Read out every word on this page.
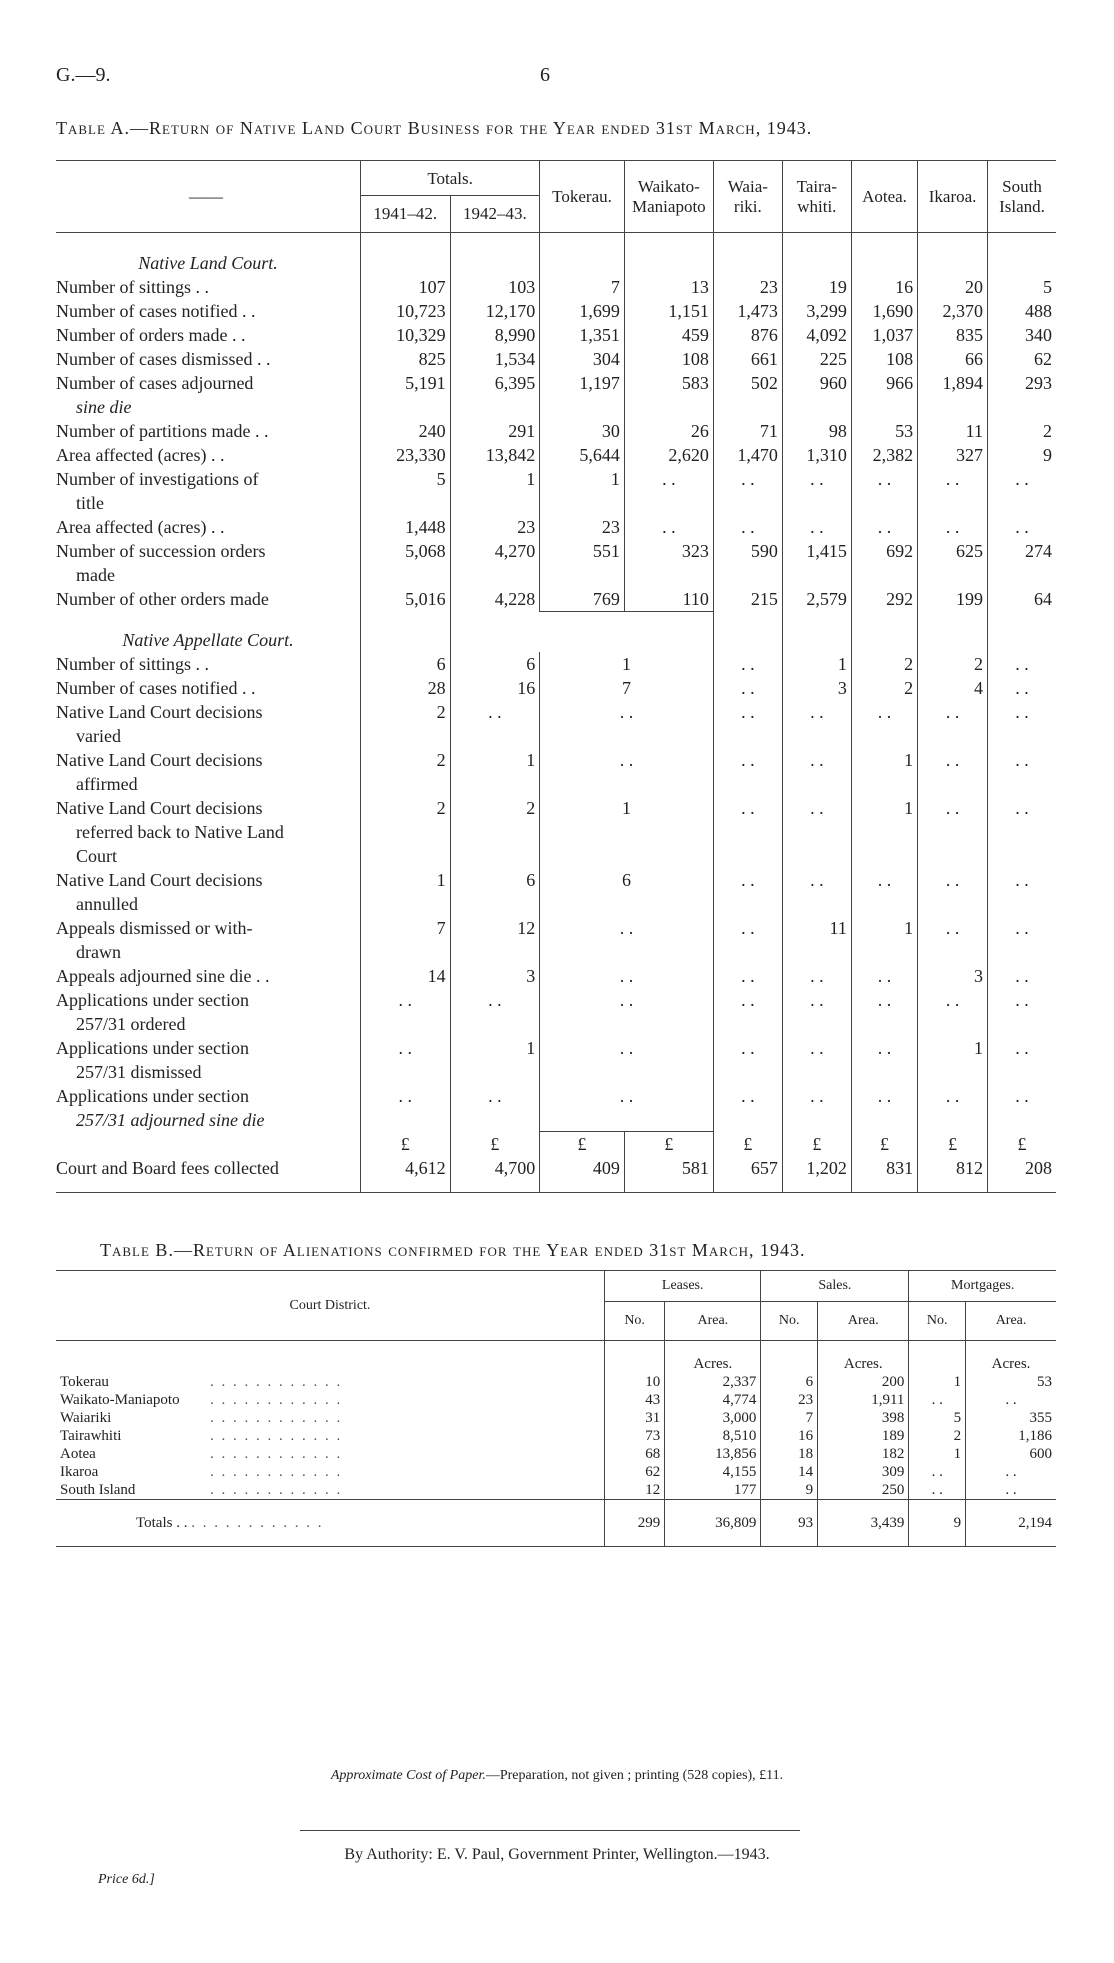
G.—9.	6
Table A.—Return of Native Land Court Business for the Year ended 31st March, 1943.
——	Totals.		Tokerau.	Waikato-Maniapoto	Waia-riki.	Taira-whiti.	Aotea.	Ikaroa.	South Island.
	1941–42.	1942–43.							
Native Land Court.									

Number of sittings . .	107	103	7	13	23	19	16	20	5

Number of cases notified . .	10,723	12,170	1,699	1,151	1,473	3,299	1,690	2,370	488

Number of orders made . .	10,329	8,990	1,351	459	876	4,092	1,037	835	340

Number of cases dismissed . .	825	1,534	304	108	661	225	108	66	62

Number of cases adjourned
sine die	5,191	6,395	1,197	583	502	960	966	1,894	293

Number of partitions made . .	240	291	30	26	71	98	53	11	2

Area affected (acres) . .	23,330	13,842	5,644	2,620	1,470	1,310	2,382	327	9

Number of investigations of
title	5	1	1	. .	. .	. .	. .	. .	. .

Area affected (acres) . .	1,448	23	23	. .	. .	. .	. .	. .	. .

Number of succession orders
made	5,068	4,270	551	323	590	1,415	692	625	274

Number of other orders made	5,016	4,228	769	110	215	2,579	292	199	64
Native Appellate Court.									

Number of sittings . .	6	6	1		. .	1	2	2	. .

Number of cases notified . .	28	16	7		. .	3	2	4	. .

Native Land Court decisions
varied	2	. .	. .		. .	. .	. .	. .	. .

Native Land Court decisions
affirmed	2	1	. .		. .	. .	1	. .	. .

Native Land Court decisions
referred back to Native Land
Court	2	2	1		. .	. .	1	. .	. .

Native Land Court decisions
annulled	1	6	6		. .	. .	. .	. .	. .

Appeals dismissed or with-
drawn	7	12	. .		. .	11	1	. .	. .

Appeals adjourned sine die . .	14	3	. .		. .	. .	. .	3	. .

Applications under section
257/31 ordered	. .	. .	. .		. .	. .	. .	. .	. .

Applications under section
257/31 dismissed	. .	1	. .		. .	. .	. .	1	. .

Applications under section
257/31 adjourned sine die	. .	. .	. .		. .	. .	. .	. .	. .
	£	£	£	£	£	£	£	£	£
Court and Board fees collected	4,612	4,700	409	581	657	1,202	831	812	208
Table B.—Return of Alienations confirmed for the Year ended 31st March, 1943.
Court District.	Leases.		Sales.		Mortgages.	
	No.	Area.	No.	Area.	No.	Area.
		Acres.		Acres.		Acres.
Tokerau . . . . . . . . . . . .	10	2,337	6	200	1	53
Waikato-Maniapoto . . . . . . . . . . . .	43	4,774	23	1,911	. .	. .
Waiariki . . . . . . . . . . . .	31	3,000	7	398	5	355
Tairawhiti . . . . . . . . . . . .	73	8,510	16	189	2	1,186
Aotea . . . . . . . . . . . .	68	13,856	18	182	1	600
Ikaroa . . . . . . . . . . . .	62	4,155	14	309	. .	. .
South Island . . . . . . . . . . . .	12	177	9	250	. .	. .
Totals . . . . . . . . . . . . . .	299	36,809	93	3,439	9	2,194
Approximate Cost of Paper.—Preparation, not given ; printing (528 copies), £11.
By Authority: E. V. Paul, Government Printer, Wellington.—1943.
Price 6d.]
